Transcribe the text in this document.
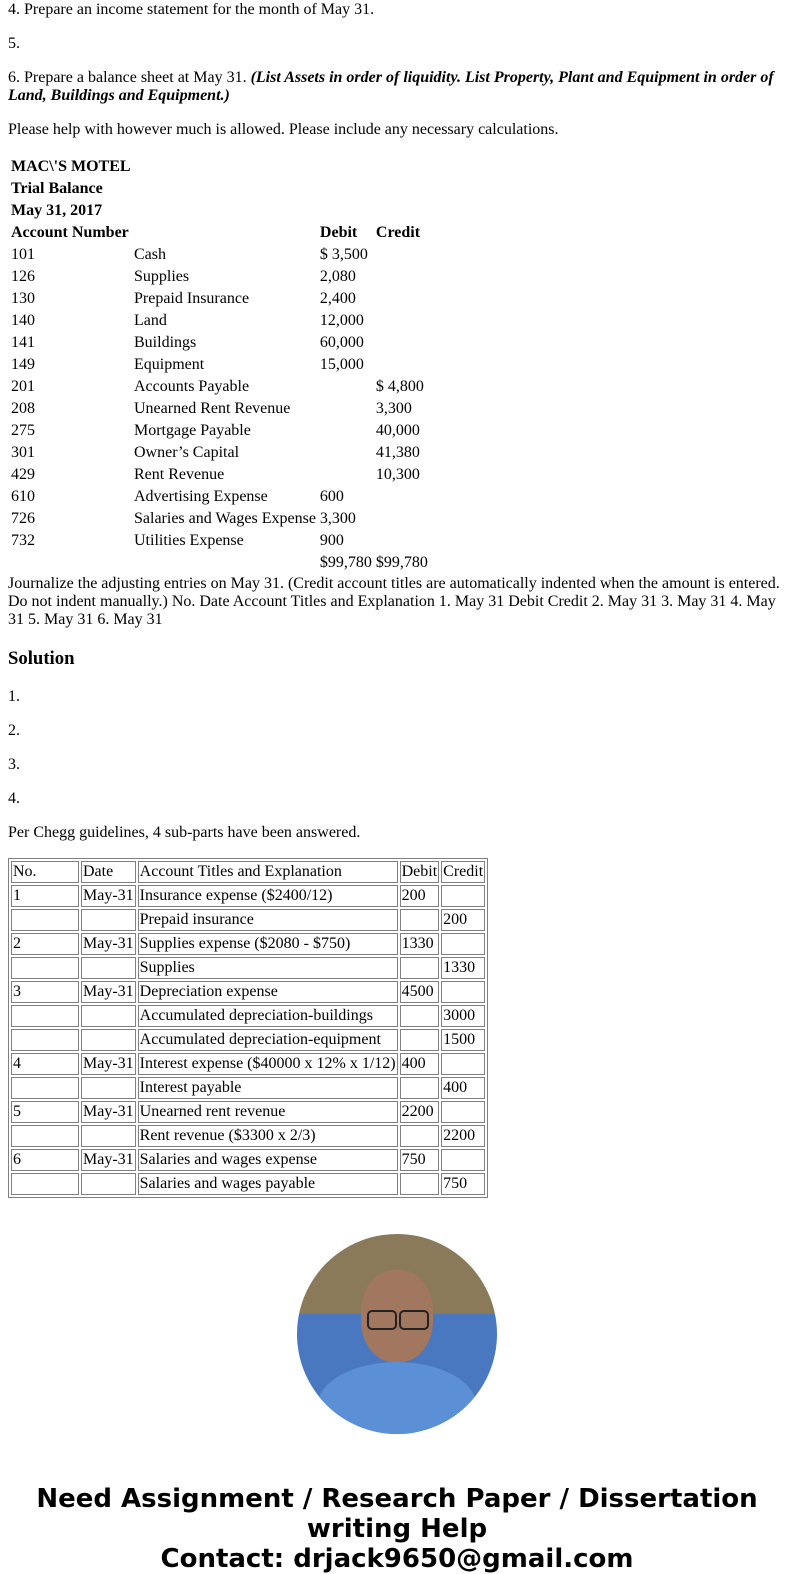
4. Prepare an income statement for the month of May 31.

5.

6. Prepare a balance sheet at May 31. (List Assets in order of liquidity. List Property, Plant and Equipment in order of Land, Buildings and Equipment.)

Please help with however much is allowed. Please include any necessary calculations.

MAC\'S MOTEL			
Trial Balance			
May 31, 2017			
Account Number		Debit	Credit
101	Cash	$ 3,500	
126	Supplies	2,080	
130	Prepaid Insurance	2,400	
140	Land	12,000	
141	Buildings	60,000	
149	Equipment	15,000	
201	Accounts Payable		$ 4,800
208	Unearned Rent Revenue		3,300
275	Mortgage Payable		40,000
301	Owner’s Capital		41,380
429	Rent Revenue		10,300
610	Advertising Expense	600	
726	Salaries and Wages Expense	3,300	
732	Utilities Expense	900	
		$99,780	$99,780

Journalize the adjusting entries on May 31. (Credit account titles are automatically indented when the amount is entered. Do not indent manually.) No. Date Account Titles and Explanation 1. May 31 Debit Credit 2. May 31 3. May 31 4. May 31 5. May 31 6. May 31

Solution

1.

2.

3.

4.

Per Chegg guidelines, 4 sub-parts have been answered.

No.	Date	Account Titles and Explanation	Debit	Credit
1	May-31	Insurance expense ($2400/12)	200	
		Prepaid insurance		200
2	May-31	Supplies expense ($2080 - $750)	1330	
		Supplies		1330
3	May-31	Depreciation expense	4500	
		Accumulated depreciation-buildings		3000
		Accumulated depreciation-equipment		1500
4	May-31	Interest expense ($40000 x 12% x 1/12)	400	
		Interest payable		400
5	May-31	Unearned rent revenue	2200	
		Rent revenue ($3300 x 2/3)		2200
6	May-31	Salaries and wages expense	750	
		Salaries and wages payable		750
Need Assignment / Research Paper / Dissertation writing Help
Contact: drjack9650@gmail.com
